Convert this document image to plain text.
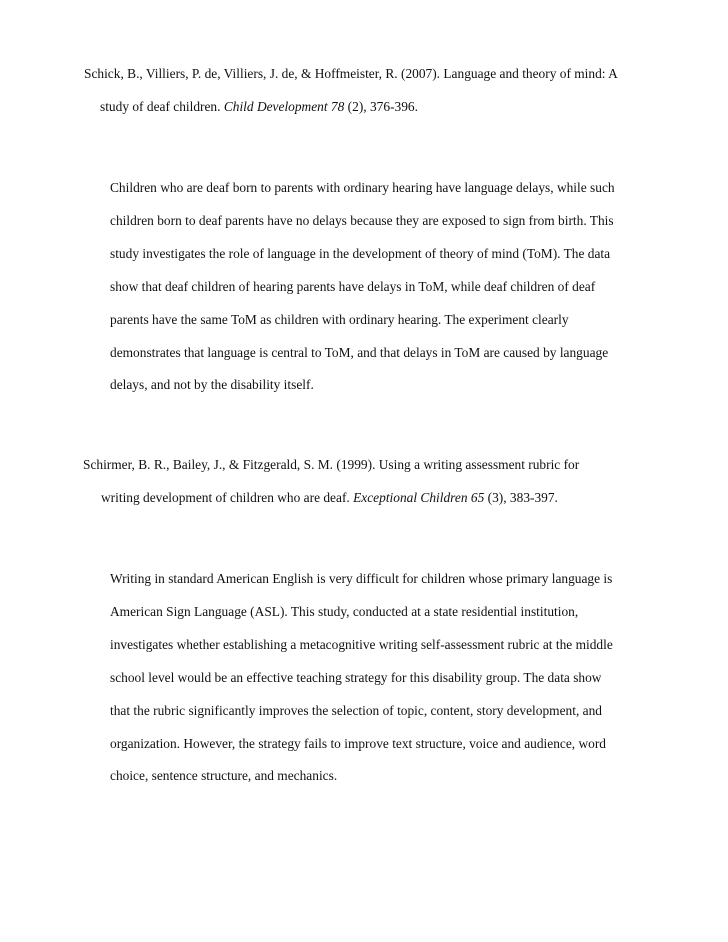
Schick, B., Villiers, P. de, Villiers, J. de, & Hoffmeister, R. (2007). Language and theory of mind: A
study of deaf children. Child Development 78 (2), 376-396.
Children who are deaf born to parents with ordinary hearing have language delays, while such
children born to deaf parents have no delays because they are exposed to sign from birth. This
study investigates the role of language in the development of theory of mind (ToM). The data
show that deaf children of hearing parents have delays in ToM, while deaf children of deaf
parents have the same ToM as children with ordinary hearing. The experiment clearly
demonstrates that language is central to ToM, and that delays in ToM are caused by language
delays, and not by the disability itself.
Schirmer, B. R., Bailey, J., & Fitzgerald, S. M. (1999). Using a writing assessment rubric for
writing development of children who are deaf. Exceptional Children 65 (3), 383-397.
Writing in standard American English is very difficult for children whose primary language is
American Sign Language (ASL). This study, conducted at a state residential institution,
investigates whether establishing a metacognitive writing self-assessment rubric at the middle
school level would be an effective teaching strategy for this disability group. The data show
that the rubric significantly improves the selection of topic, content, story development, and
organization. However, the strategy fails to improve text structure, voice and audience, word
choice, sentence structure, and mechanics.
